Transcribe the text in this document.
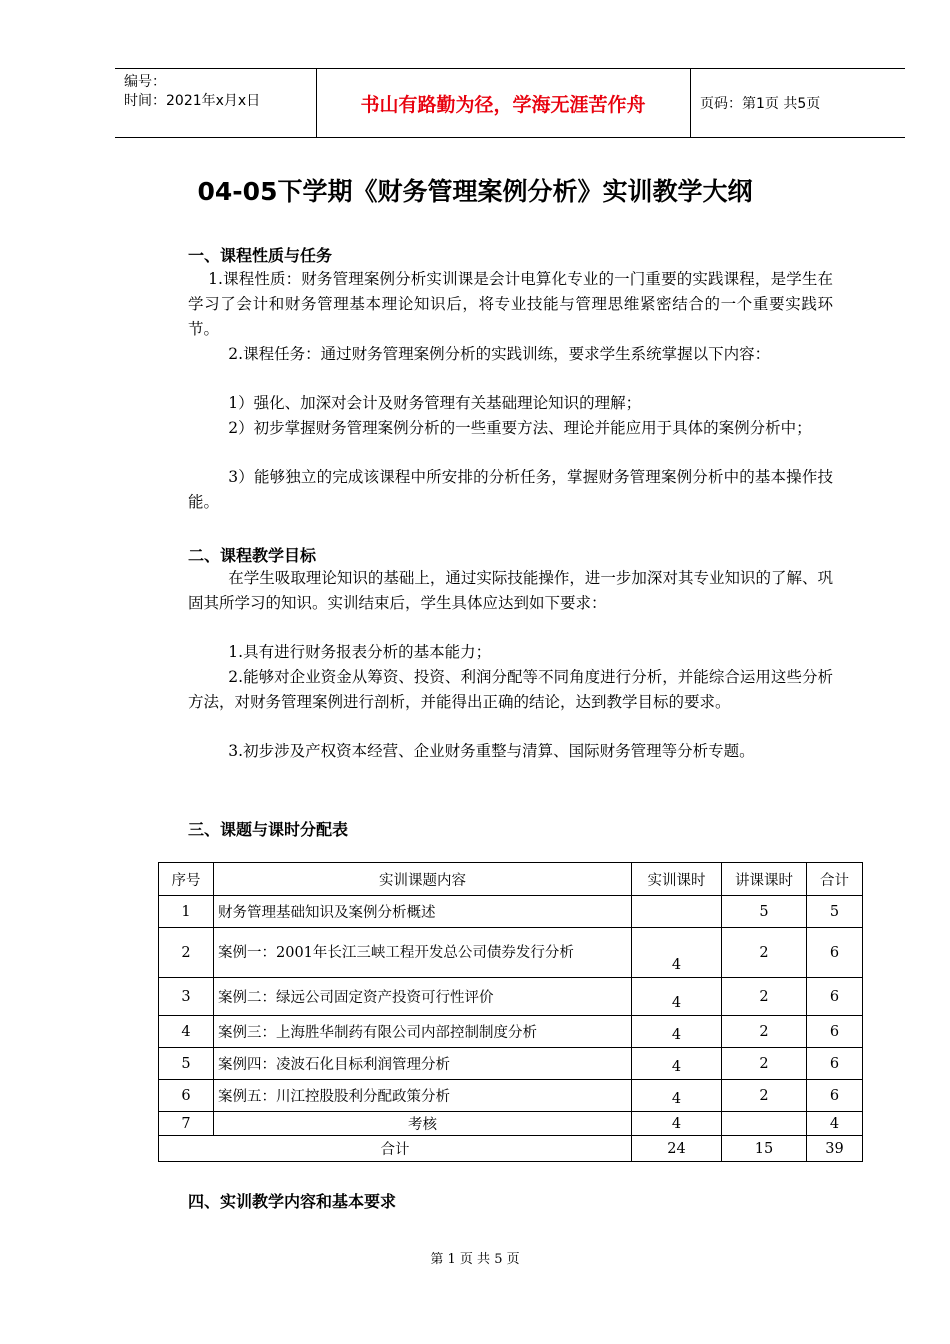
编号：
时间：2021年x月x日	书山有路勤为径，学海无涯苦作舟	页码：第1页 共5页
04-05下学期《财务管理案例分析》实训教学大纲
一、课程性质与任务
1.课程性质：财务管理案例分析实训课是会计电算化专业的一门重要的实践课程，是学生在学习了会计和财务管理基本理论知识后，将专业技能与管理思维紧密结合的一个重要实践环节。
2.课程任务：通过财务管理案例分析的实践训练，要求学生系统掌握以下内容：
1）强化、加深对会计及财务管理有关基础理论知识的理解；
2）初步掌握财务管理案例分析的一些重要方法、理论并能应用于具体的案例分析中；
3）能够独立的完成该课程中所安排的分析任务，掌握财务管理案例分析中的基本操作技能。
二、课程教学目标
在学生吸取理论知识的基础上，通过实际技能操作，进一步加深对其专业知识的了解、巩固其所学习的知识。实训结束后，学生具体应达到如下要求：
1.具有进行财务报表分析的基本能力；
2.能够对企业资金从筹资、投资、利润分配等不同角度进行分析，并能综合运用这些分析方法，对财务管理案例进行剖析，并能得出正确的结论，达到教学目标的要求。
3.初步涉及产权资本经营、企业财务重整与清算、国际财务管理等分析专题。
三、课题与课时分配表
序号	实训课题内容	实训课时	讲课课时	合计
1	财务管理基础知识及案例分析概述		5	5
2	案例一：2001年长江三峡工程开发总公司债券发行分析	4	2	6
3	案例二：绿远公司固定资产投资可行性评价	4	2	6
4	案例三：上海胜华制药有限公司内部控制制度分析	4	2	6
5	案例四：凌波石化目标利润管理分析	4	2	6
6	案例五：川江控股股利分配政策分析	4	2	6
7	考核	4		4
合计		24	15	39
四、实训教学内容和基本要求
第 1 页 共 5 页
